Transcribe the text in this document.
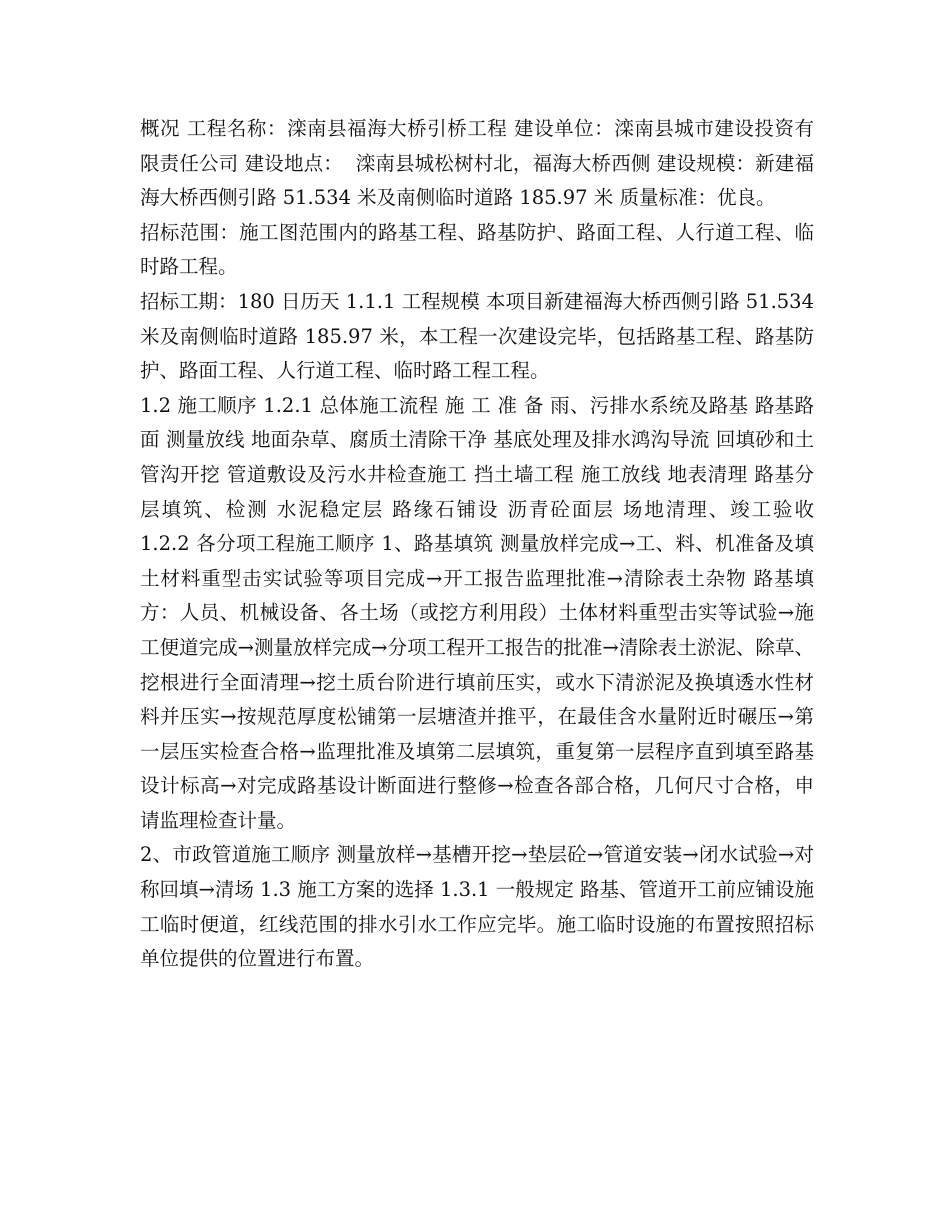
概况 工程名称：滦南县福海大桥引桥工程 建设单位：滦南县城市建设投资有限责任公司 建设地点：  滦南县城松树村北，福海大桥西侧 建设规模：新建福海大桥西侧引路 51.534 米及南侧临时道路 185.97 米 质量标准：优良。

招标范围：施工图范围内的路基工程、路基防护、路面工程、人行道工程、临时路工程。

招标工期：180 日历天 1.1.1 工程规模 本项目新建福海大桥西侧引路 51.534 米及南侧临时道路 185.97 米，本工程一次建设完毕，包括路基工程、路基防护、路面工程、人行道工程、临时路工程工程。

1.2 施工顺序 1.2.1 总体施工流程 施 工 准 备 雨、污排水系统及路基 路基路面 测量放线 地面杂草、腐质土清除干净 基底处理及排水鸿沟导流 回填砂和土 管沟开挖 管道敷设及污水井检查施工 挡土墙工程 施工放线 地表清理 路基分层填筑、检测 水泥稳定层 路缘石铺设 沥青砼面层 场地清理、竣工验收                    1.2.2 各分项工程施工顺序 1、路基填筑 测量放样完成→工、料、机准备及填土材料重型击实试验等项目完成→开工报告监理批准→清除表土杂物 路基填方：人员、机械设备、各土场（或挖方利用段）土体材料重型击实等试验→施工便道完成→测量放样完成→分项工程开工报告的批准→清除表土淤泥、除草、挖根进行全面清理→挖土质台阶进行填前压实，或水下清淤泥及换填透水性材料并压实→按规范厚度松铺第一层塘渣并推平，在最佳含水量附近时碾压→第一层压实检查合格→监理批准及填第二层填筑，重复第一层程序直到填至路基设计标高→对完成路基设计断面进行整修→检查各部合格，几何尺寸合格，申请监理检查计量。

2、市政管道施工顺序 测量放样→基槽开挖→垫层砼→管道安装→闭水试验→对称回填→清场 1.3 施工方案的选择 1.3.1 一般规定 路基、管道开工前应铺设施工临时便道，红线范围的排水引水工作应完毕。施工临时设施的布置按照招标单位提供的位置进行布置。
